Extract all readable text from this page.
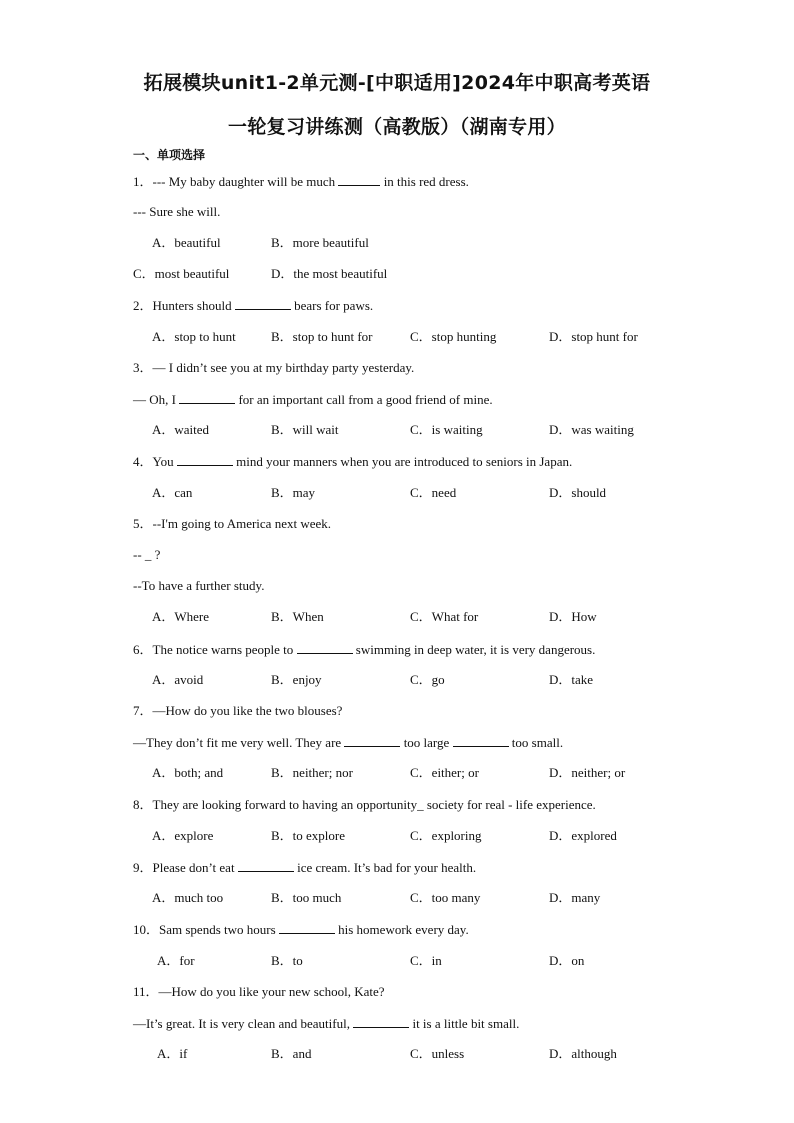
拓展模块unit1-2单元测-[中职适用]2024年中职高考英语
一轮复习讲练测（高教版）（湖南专用）
一、单项选择
1．--- My baby daughter will be much	in this red dress.
--- Sure she will.
A．beautiful	B．more beautiful
C．most beautiful	D．the most beautiful
2．Hunters should	bears for paws.
A．stop to hunt	B．stop to hunt for	C．stop hunting	D．stop hunt for
3．— I didn’t see you at my birthday party yesterday.
— Oh, I	for an important call from a good friend of mine.
A．waited	B．will wait	C．is waiting	D．was waiting
4．You	mind your manners when you are introduced to seniors in Japan.
A．can	B．may	C．need	D．should
5．--I'm going to America next week.
-- _ ?
--To have a further study.
A．Where	B．When	C．What for	D．How
6．The notice warns people to	swimming in deep water, it is very dangerous.
A．avoid	B．enjoy	C．go	D．take
7．—How do you like the two blouses?
—They don’t fit me very well. They are	too large	too small.
A．both; and	B．neither; nor	C．either; or	D．neither; or
8．They are looking forward to having an opportunity_ society for real - life experience.
A．explore	B．to explore	C．exploring	D．explored
9．Please don’t eat	ice cream. It’s bad for your health.
A．much too	B．too much	C．too many	D．many
10．Sam spends two hours	his homework every day.
A．for	B．to	C．in	D．on
11．—How do you like your new school, Kate?
—It’s great. It is very clean and beautiful,	it is a little bit small.
A．if	B．and	C．unless	D．although
